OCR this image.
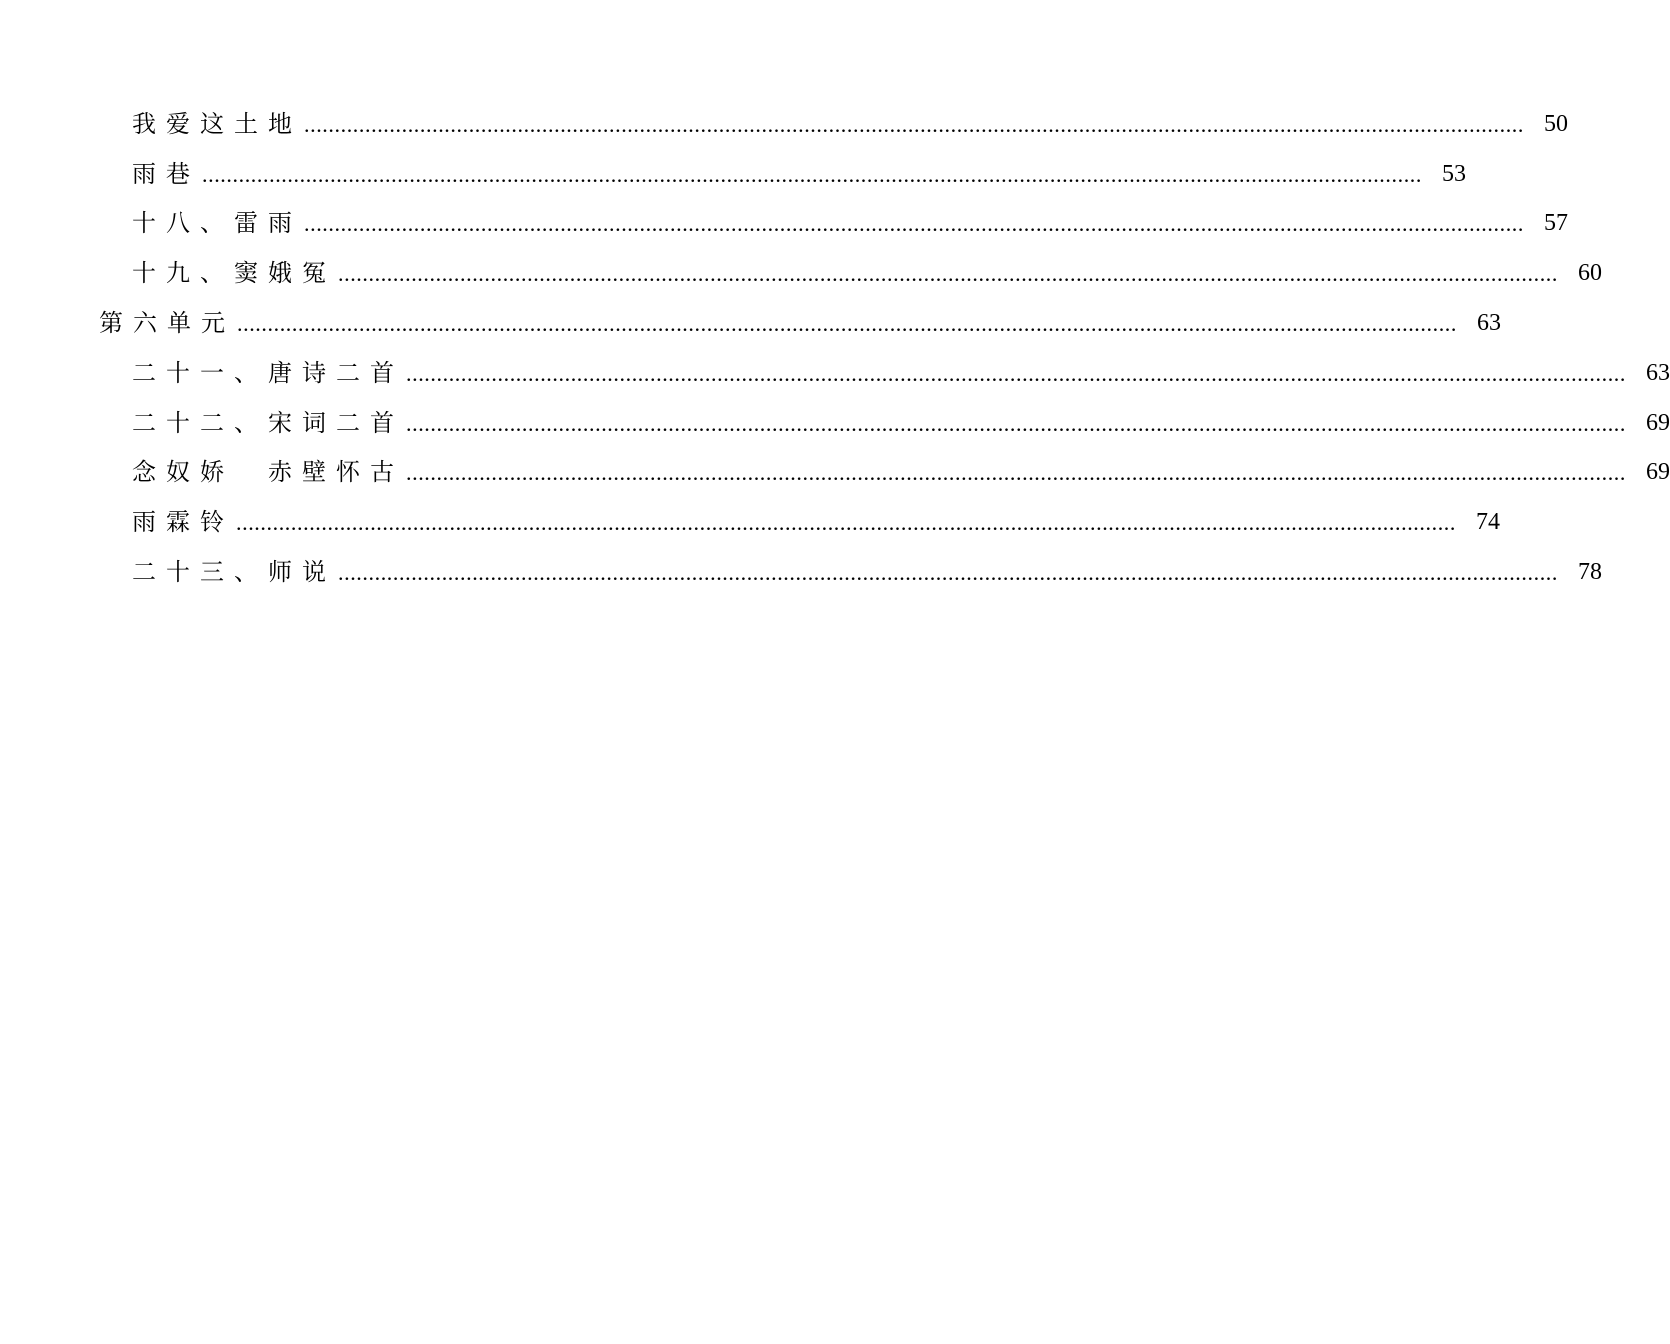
我爱这土地 ........................................................................................................................................................................................................ 50
雨巷 ........................................................................................................................................................................................................ 53
十八、雷雨 ........................................................................................................................................................................................................ 57
十九、窦娥冤 ........................................................................................................................................................................................................ 60
第六单元 ........................................................................................................................................................................................................ 63
二十一、唐诗二首 ........................................................................................................................................................................................................ 63
二十二、宋词二首 ........................................................................................................................................................................................................ 69
念奴娇　赤壁怀古 ........................................................................................................................................................................................................ 69
雨霖铃 ........................................................................................................................................................................................................ 74
二十三、师说 ........................................................................................................................................................................................................ 78
